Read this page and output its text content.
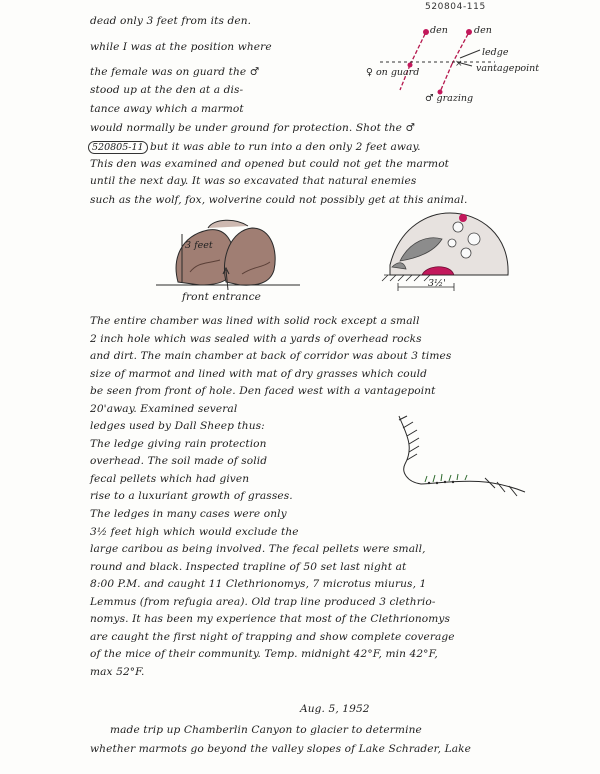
520804-115
dead only 3 feet from its den.
while I was at the position where
the female was on guard the ♂
stood up at the den at a dis-
tance away which a marmot
would normally be under ground for protection. Shot the ♂
520805-11 but it was able to run into a den only 2 feet away.
This den was examined and opened but could not get the marmot
until the next day. It was so excavated that natural enemies
such as the wolf, fox, wolverine could not possibly get at this animal.
×
den	den
ledge
vantagepoint
♀ on guard
♂ grazing
3 feet
front entrance
3½'
The entire chamber was lined with solid rock except a small
2 inch hole which was sealed with a yards of overhead rocks
and dirt. The main chamber at back of corridor was about 3 times
size of marmot and lined with mat of dry grasses which could
be seen from front of hole. Den faced west with a vantagepoint
20'away. Examined several
ledges used by Dall Sheep thus:
The ledge giving rain protection
overhead. The soil made of solid
fecal pellets which had given
rise to a luxuriant growth of grasses.
The ledges in many cases were only
3½ feet high which would exclude the
large caribou as being involved. The fecal pellets were small,
round and black. Inspected trapline of 50 set last night at
8:00 P.M. and caught 11 Clethrionomys, 7 microtus miurus, 1
Lemmus (from refugia area). Old trap line produced 3 clethrio-
nomys. It has been my experience that most of the Clethrionomys
are caught the first night of trapping and show complete coverage
of the mice of their community. Temp. midnight 42°F, min 42°F,
max 52°F.
Aug. 5, 1952
made trip up Chamberlin Canyon to glacier to determine
whether marmots go beyond the valley slopes of Lake Schrader, Lake
